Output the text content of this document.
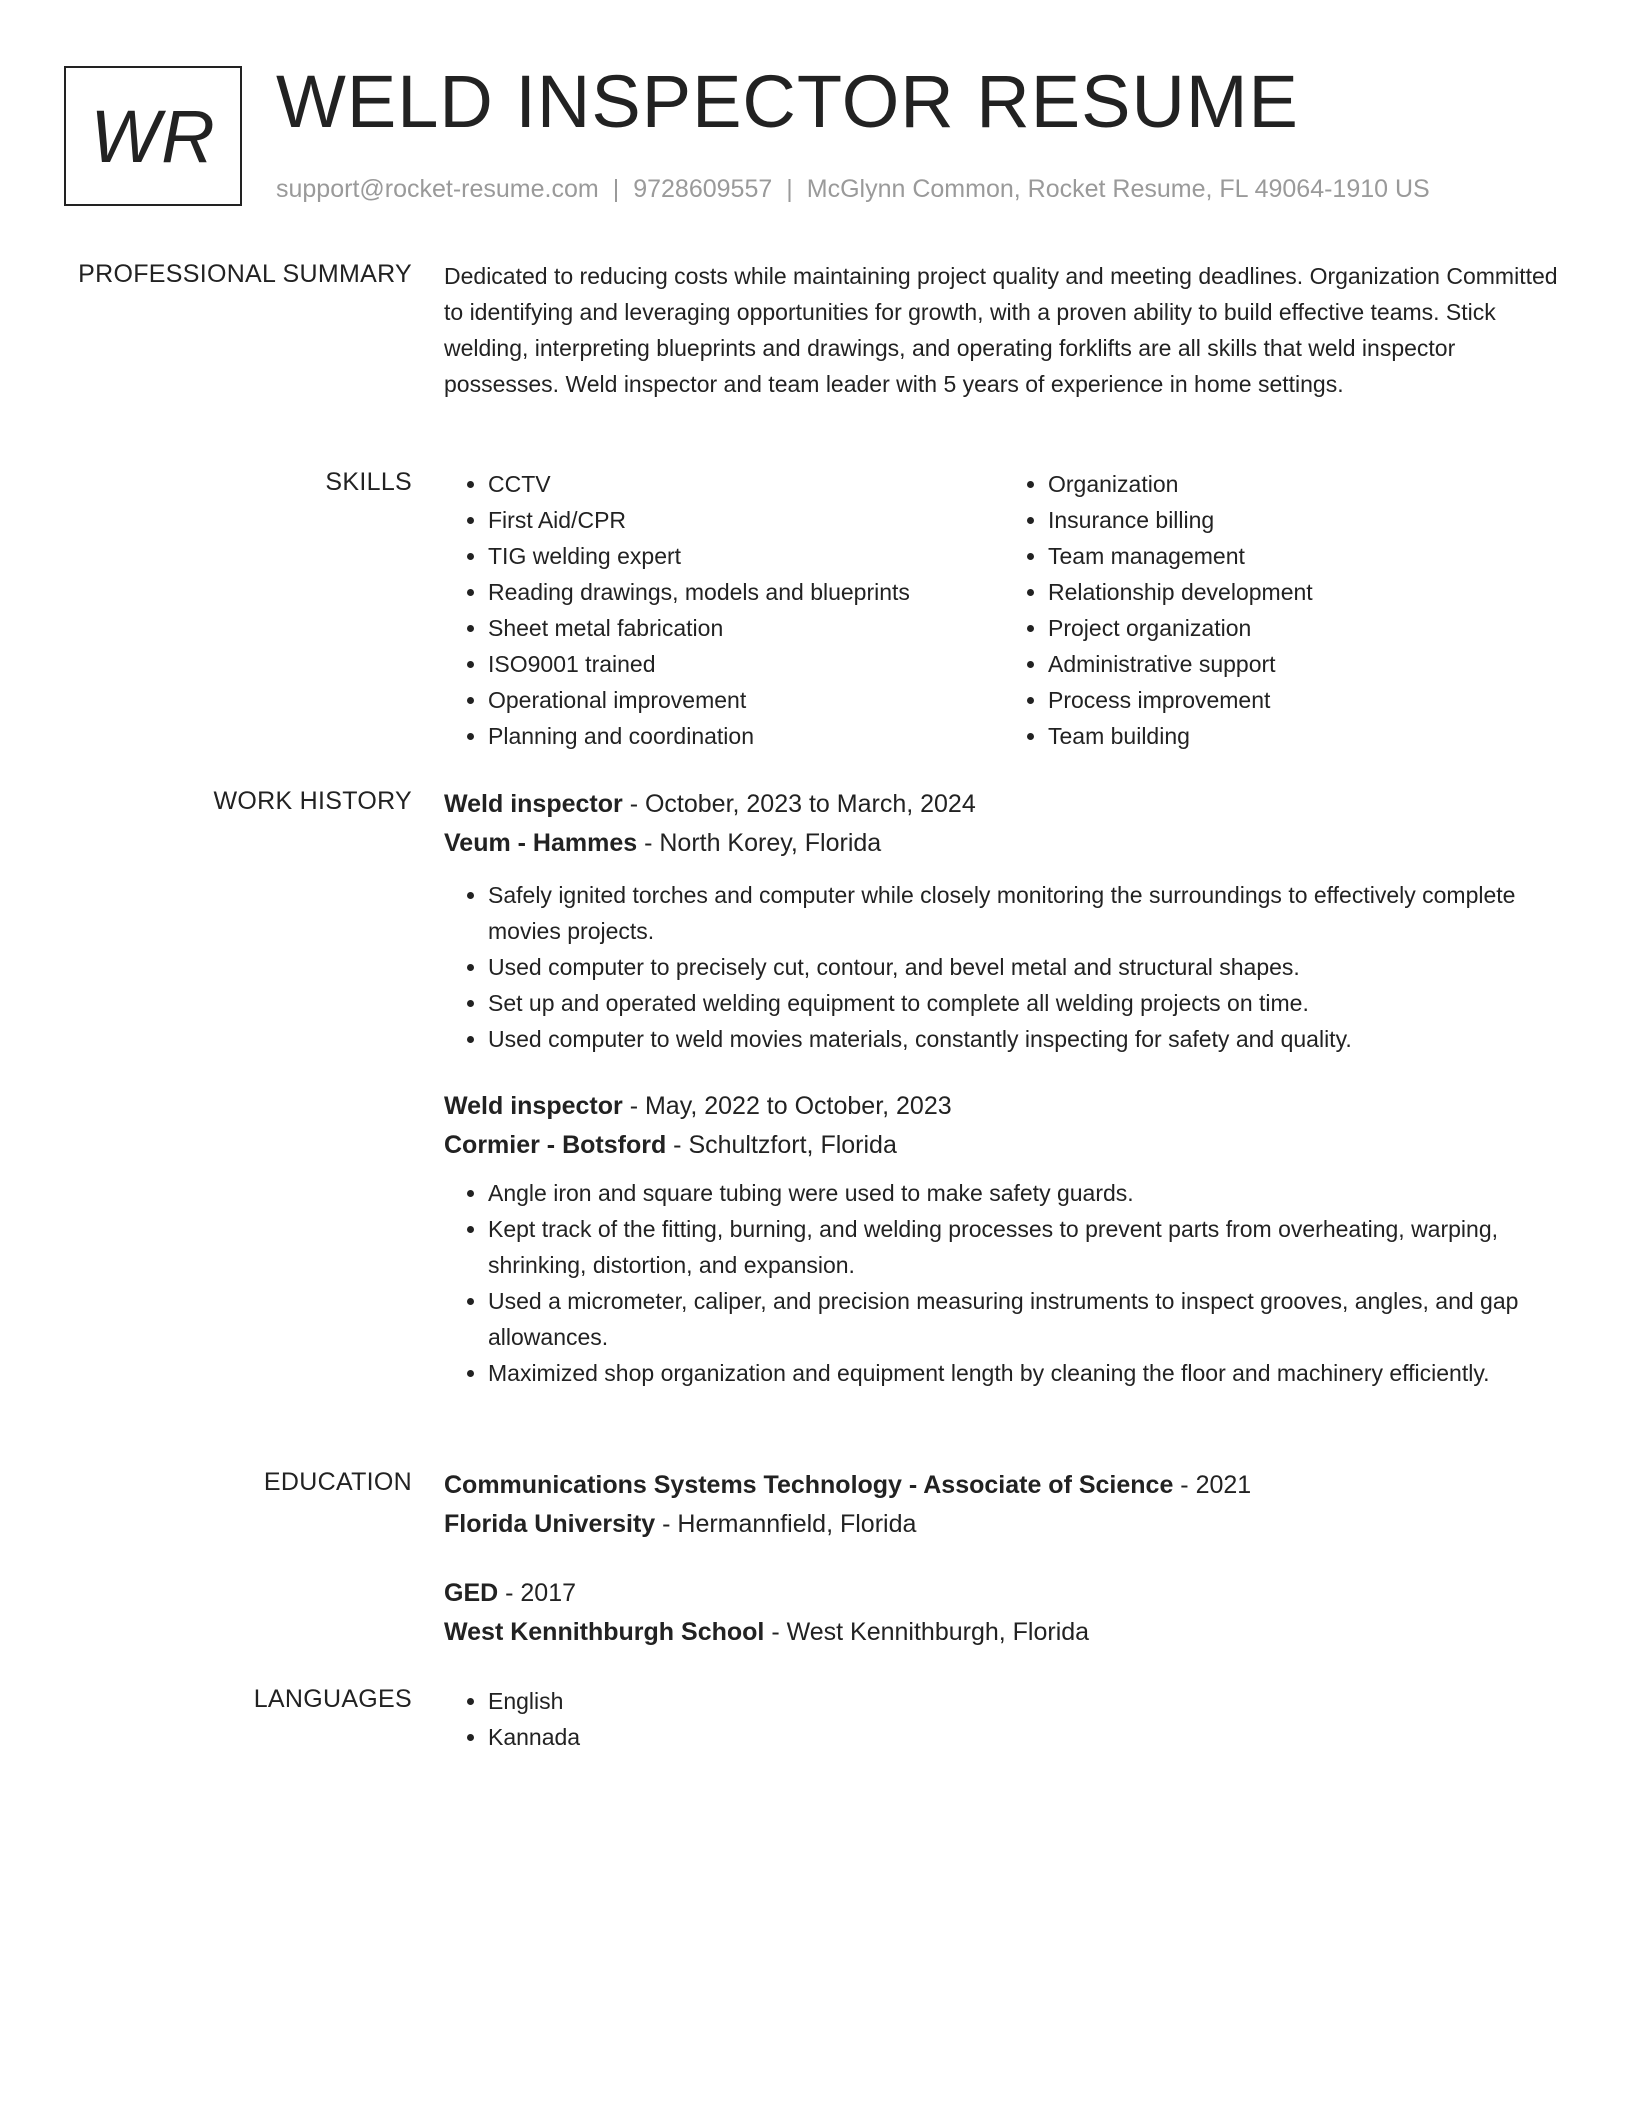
WR WELD INSPECTOR RESUME
support@rocket-resume.com | 9728609557 | McGlynn Common, Rocket Resume, FL 49064-1910 US
PROFESSIONAL SUMMARY Dedicated to reducing costs while maintaining project quality and meeting deadlines. Organization Committed to identifying and leveraging opportunities for growth, with a proven ability to build effective teams. Stick welding, interpreting blueprints and drawings, and operating forklifts are all skills that weld inspector possesses. Weld inspector and team leader with 5 years of experience in home settings.

SKILLS	• CCTV
• First Aid/CPR
• TIG welding expert
• Reading drawings, models and blueprints
• Sheet metal fabrication
• ISO9001 trained
• Operational improvement
• Planning and coordination
• Organization
• Insurance billing
• Team management
• Relationship development
• Project organization
• Administrative support
• Process improvement
• Team building
WORK HISTORY Weld inspector - October, 2023 to March, 2024
Veum - Hammes - North Korey, Florida
• Safely ignited torches and computer while closely monitoring the surroundings to effectively complete movies projects.
• Used computer to precisely cut, contour, and bevel metal and structural shapes.
• Set up and operated welding equipment to complete all welding projects on time.
• Used computer to weld movies materials, constantly inspecting for safety and quality.
Weld inspector - May, 2022 to October, 2023
Cormier - Botsford - Schultzfort, Florida
• Angle iron and square tubing were used to make safety guards.
• Kept track of the fitting, burning, and welding processes to prevent parts from overheating, warping, shrinking, distortion, and expansion.
• Used a micrometer, caliper, and precision measuring instruments to inspect grooves, angles, and gap allowances.
• Maximized shop organization and equipment length by cleaning the floor and machinery efficiently.
EDUCATION Communications Systems Technology - Associate of Science - 2021
Florida University - Hermannfield, Florida
GED - 2017
West Kennithburgh School - West Kennithburgh, Florida
LANGUAGES	• English
• Kannada
